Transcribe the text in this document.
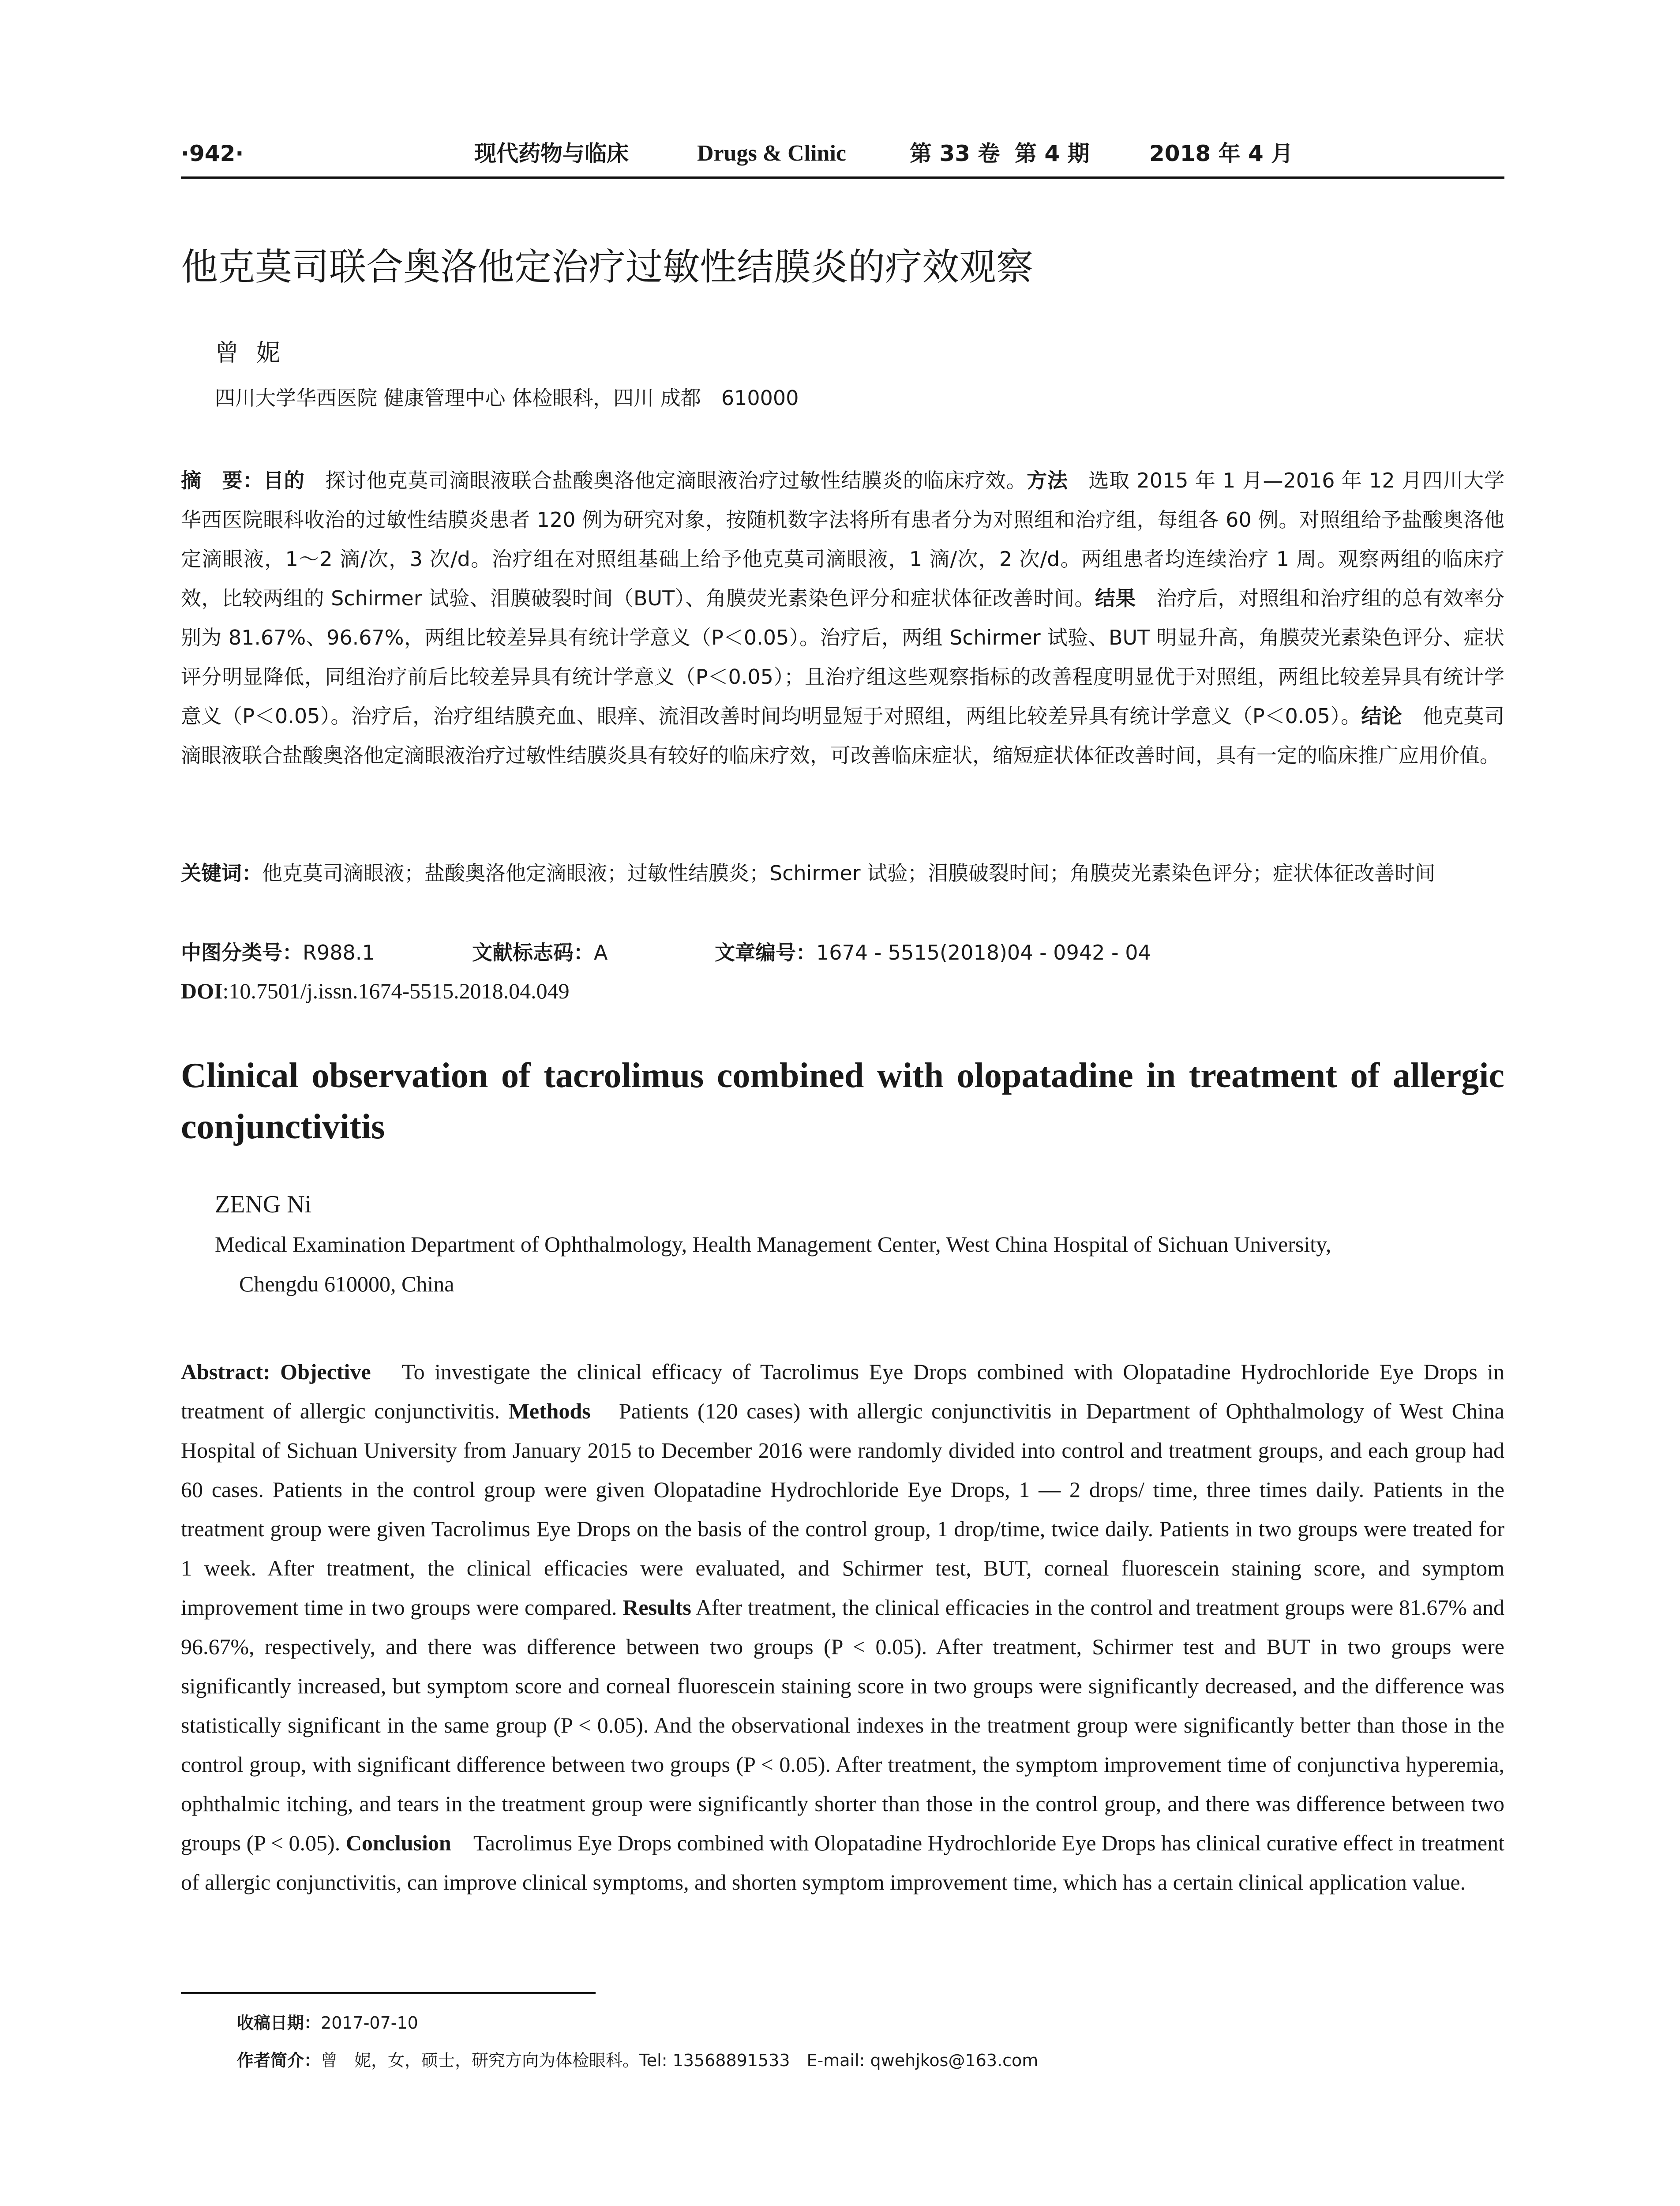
·942·	现代药物与临床	Drugs & Clinic	第 33 卷 第 4 期	2018 年 4 月
他克莫司联合奥洛他定治疗过敏性结膜炎的疗效观察
曾妮
四川大学华西医院 健康管理中心 体检眼科，四川 成都　610000
摘　要：目的　探讨他克莫司滴眼液联合盐酸奥洛他定滴眼液治疗过敏性结膜炎的临床疗效。方法　选取 2015 年 1 月—2016 年 12 月四川大学华西医院眼科收治的过敏性结膜炎患者 120 例为研究对象，按随机数字法将所有患者分为对照组和治疗组，每组各 60 例。对照组给予盐酸奥洛他定滴眼液，1～2 滴/次，3 次/d。治疗组在对照组基础上给予他克莫司滴眼液，1 滴/次，2 次/d。两组患者均连续治疗 1 周。观察两组的临床疗效，比较两组的 Schirmer 试验、泪膜破裂时间（BUT）、角膜荧光素染色评分和症状体征改善时间。结果　治疗后，对照组和治疗组的总有效率分别为 81.67%、96.67%，两组比较差异具有统计学意义（P＜0.05）。治疗后，两组 Schirmer 试验、BUT 明显升高，角膜荧光素染色评分、症状评分明显降低，同组治疗前后比较差异具有统计学意义（P＜0.05）；且治疗组这些观察指标的改善程度明显优于对照组，两组比较差异具有统计学意义（P＜0.05）。治疗后，治疗组结膜充血、眼痒、流泪改善时间均明显短于对照组，两组比较差异具有统计学意义（P＜0.05）。结论　他克莫司滴眼液联合盐酸奥洛他定滴眼液治疗过敏性结膜炎具有较好的临床疗效，可改善临床症状，缩短症状体征改善时间，具有一定的临床推广应用价值。
关键词：他克莫司滴眼液；盐酸奥洛他定滴眼液；过敏性结膜炎；Schirmer 试验；泪膜破裂时间；角膜荧光素染色评分；症状体征改善时间
中图分类号：R988.1	文献标志码：A	文章编号：1674 - 5515(2018)04 - 0942 - 04
DOI:10.7501/j.issn.1674-5515.2018.04.049
Clinical observation of tacrolimus combined with olopatadine in treatment of allergic conjunctivitis
ZENG Ni
Medical Examination Department of Ophthalmology, Health Management Center, West China Hospital of Sichuan University,
Chengdu 610000, China
Abstract: Objective　To investigate the clinical efficacy of Tacrolimus Eye Drops combined with Olopatadine Hydrochloride Eye Drops in treatment of allergic conjunctivitis. Methods　Patients (120 cases) with allergic conjunctivitis in Department of Ophthalmology of West China Hospital of Sichuan University from January 2015 to December 2016 were randomly divided into control and treatment groups, and each group had 60 cases. Patients in the control group were given Olopatadine Hydrochloride Eye Drops, 1 — 2 drops/ time, three times daily. Patients in the treatment group were given Tacrolimus Eye Drops on the basis of the control group, 1 drop/time, twice daily. Patients in two groups were treated for 1 week. After treatment, the clinical efficacies were evaluated, and Schirmer test, BUT, corneal fluorescein staining score, and symptom improvement time in two groups were compared. Results After treatment, the clinical efficacies in the control and treatment groups were 81.67% and 96.67%, respectively, and there was difference between two groups (P < 0.05). After treatment, Schirmer test and BUT in two groups were significantly increased, but symptom score and corneal fluorescein staining score in two groups were significantly decreased, and the difference was statistically significant in the same group (P < 0.05). And the observational indexes in the treatment group were significantly better than those in the control group, with significant difference between two groups (P < 0.05). After treatment, the symptom improvement time of conjunctiva hyperemia, ophthalmic itching, and tears in the treatment group were significantly shorter than those in the control group, and there was difference between two groups (P < 0.05). Conclusion　Tacrolimus Eye Drops combined with Olopatadine Hydrochloride Eye Drops has clinical curative effect in treatment of allergic conjunctivitis, can improve clinical symptoms, and shorten symptom improvement time, which has a certain clinical application value.
收稿日期：2017-07-10
作者简介：曾　妮，女，硕士，研究方向为体检眼科。Tel: 13568891533　E-mail: qwehjkos@163.com
